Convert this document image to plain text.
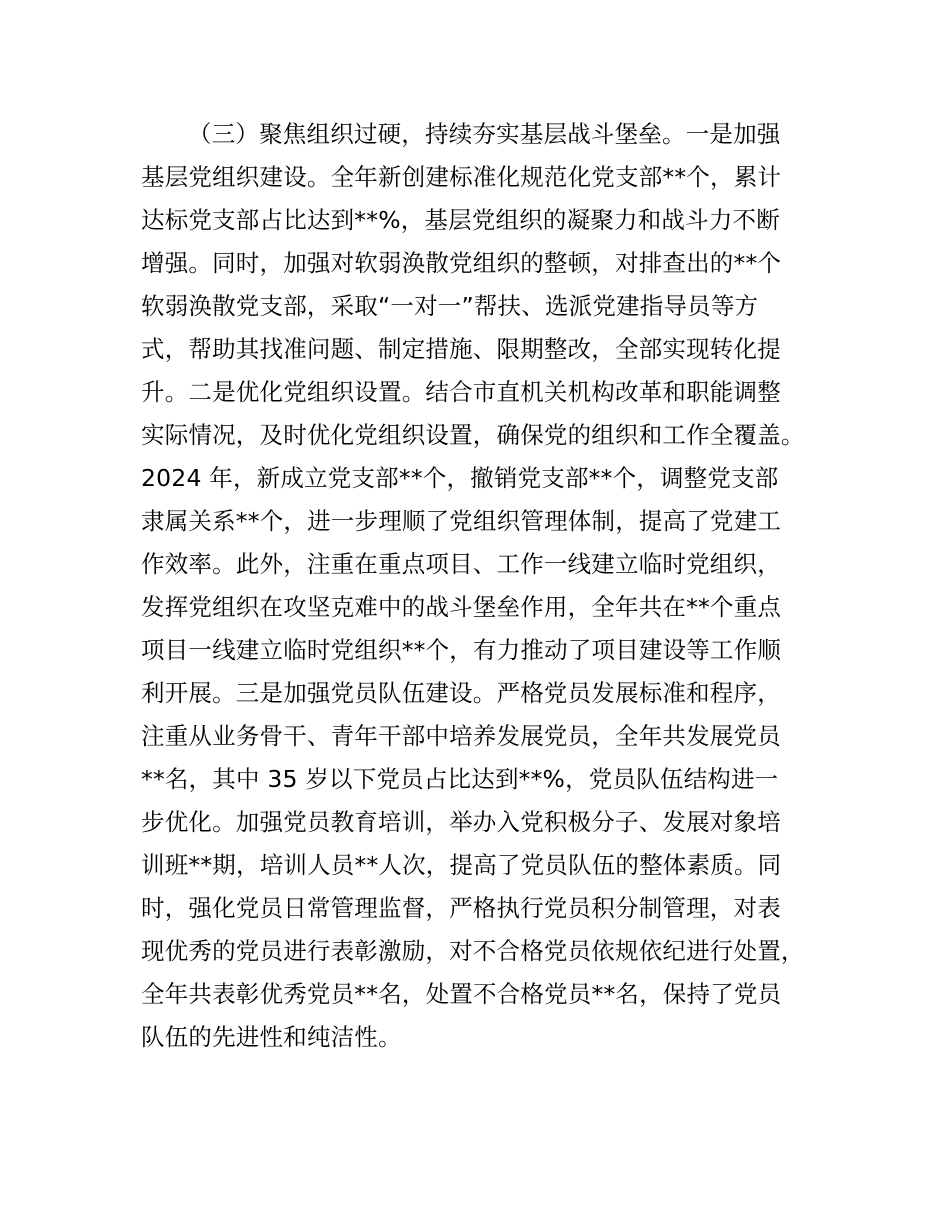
（三）聚焦组织过硬，持续夯实基层战斗堡垒。一是加强
基层党组织建设。全年新创建标准化规范化党支部**个，累计
达标党支部占比达到**%，基层党组织的凝聚力和战斗力不断
增强。同时，加强对软弱涣散党组织的整顿，对排查出的**个
软弱涣散党支部，采取“一对一”帮扶、选派党建指导员等方
式，帮助其找准问题、制定措施、限期整改，全部实现转化提
升。二是优化党组织设置。结合市直机关机构改革和职能调整
实际情况，及时优化党组织设置，确保党的组织和工作全覆盖。
2024 年，新成立党支部**个，撤销党支部**个，调整党支部
隶属关系**个，进一步理顺了党组织管理体制，提高了党建工
作效率。此外，注重在重点项目、工作一线建立临时党组织，
发挥党组织在攻坚克难中的战斗堡垒作用，全年共在**个重点
项目一线建立临时党组织**个，有力推动了项目建设等工作顺
利开展。三是加强党员队伍建设。严格党员发展标准和程序，
注重从业务骨干、青年干部中培养发展党员，全年共发展党员
**名，其中 35 岁以下党员占比达到**%，党员队伍结构进一
步优化。加强党员教育培训，举办入党积极分子、发展对象培
训班**期，培训人员**人次，提高了党员队伍的整体素质。同
时，强化党员日常管理监督，严格执行党员积分制管理，对表
现优秀的党员进行表彰激励，对不合格党员依规依纪进行处置，
全年共表彰优秀党员**名，处置不合格党员**名，保持了党员
队伍的先进性和纯洁性。
